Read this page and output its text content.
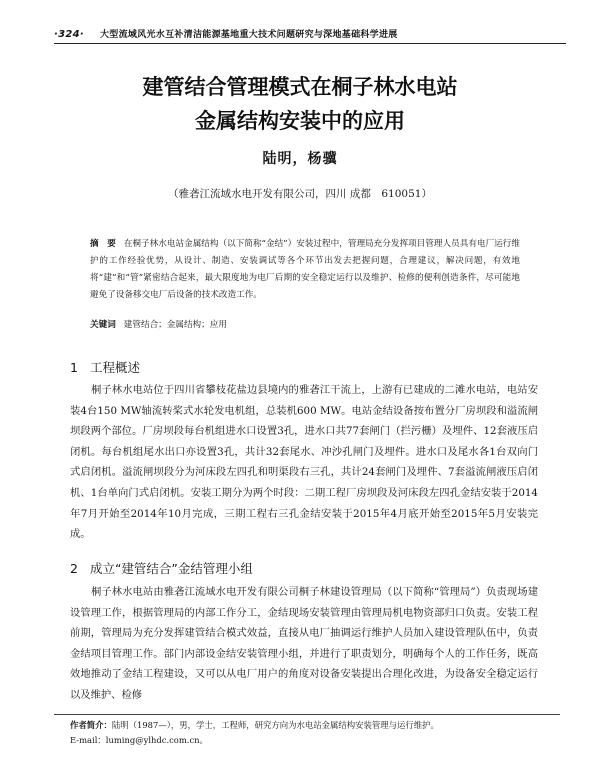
·324· 大型流域风光水互补清洁能源基地重大技术问题研究与深地基础科学进展
建管结合管理模式在桐子林水电站
金属结构安装中的应用
陆明，杨骥
（雅砻江流域水电开发有限公司，四川 成都　610051）
摘　要 在桐子林水电站金属结构（以下简称“金结”）安装过程中，管理局充分发挥项目管理人员具有电厂运行维护的工作经验优势，从设计、制造、安装调试等各个环节出发去把握问题，合理建议，解决问题，有效地将“建”和“管”紧密结合起来，最大限度地为电厂后期的安全稳定运行以及维护、检修的便利创造条件，尽可能地避免了设备移交电厂后设备的技术改造工作。
关键词 建管结合；金属结构；应用
1 工程概述
桐子林水电站位于四川省攀枝花盐边县境内的雅砻江干流上，上游有已建成的二滩水电站，电站安装4台150 MW轴流转桨式水轮发电机组，总装机600 MW。电站金结设备按布置分厂房坝段和溢流闸坝段两个部位。厂房坝段每台机组进水口设置3孔，进水口共77套闸门（拦污栅）及埋件、12套液压启闭机。每台机组尾水出口亦设置3孔，共计32套尾水、冲沙孔闸门及埋件。进水口及尾水各1台双向门式启闭机。溢流闸坝段分为河床段左四孔和明渠段右三孔，共计24套闸门及埋件、7套溢流闸液压启闭机、1台单向门式启闭机。安装工期分为两个时段：二期工程厂房坝段及河床段左四孔金结安装于2014年7月开始至2014年10月完成，三期工程右三孔金结安装于2015年4月底开始至2015年5月安装完成。
2 成立“建管结合”金结管理小组
桐子林水电站由雅砻江流域水电开发有限公司桐子林建设管理局（以下简称“管理局”）负责现场建设管理工作，根据管理局的内部工作分工，金结现场安装管理由管理局机电物资部归口负责。安装工程前期，管理局为充分发挥建管结合模式效益，直接从电厂抽调运行维护人员加入建设管理队伍中，负责金结项目管理工作。部门内部设金结安装管理小组，并进行了职责划分，明确每个人的工作任务，既高效地推动了金结工程建设，又可以从电厂用户的角度对设备安装提出合理化改进，为设备安全稳定运行以及维护、检修
作者简介：陆明（1987—），男，学士，工程师，研究方向为水电站金属结构安装管理与运行维护。
E-mail：luming@ylhdc.com.cn。
